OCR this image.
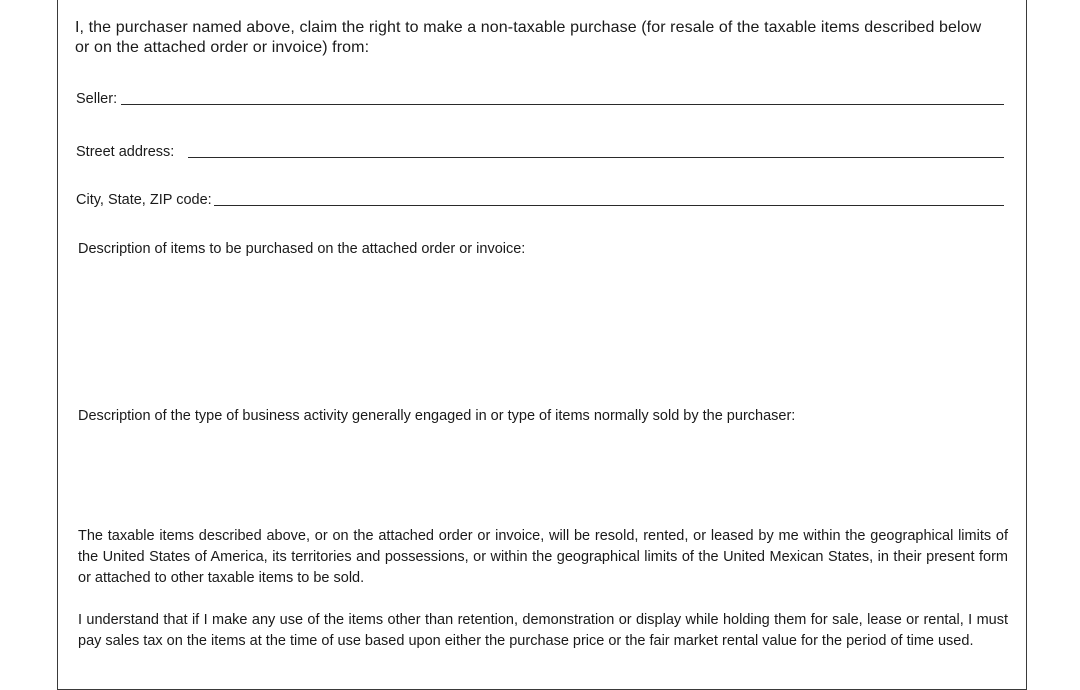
I, the purchaser named above, claim the right to make a non-taxable purchase (for resale of the taxable items described below or on the attached order or invoice) from:
Seller:
Street address:
City, State, ZIP code:
Description of items to be purchased on the attached order or invoice:
Description of the type of business activity generally engaged in or type of items normally sold by the purchaser:
The taxable items described above, or on the attached order or invoice, will be resold, rented, or leased by me within the geographical limits of the United States of America, its territories and possessions, or within the geographical limits of the United Mexican States, in their present form or attached to other taxable items to be sold.
I understand that if I make any use of the items other than retention, demonstration or display while holding them for sale, lease or rental, I must pay sales tax on the items at the time of use based upon either the purchase price or the fair market rental value for the period of time used.
